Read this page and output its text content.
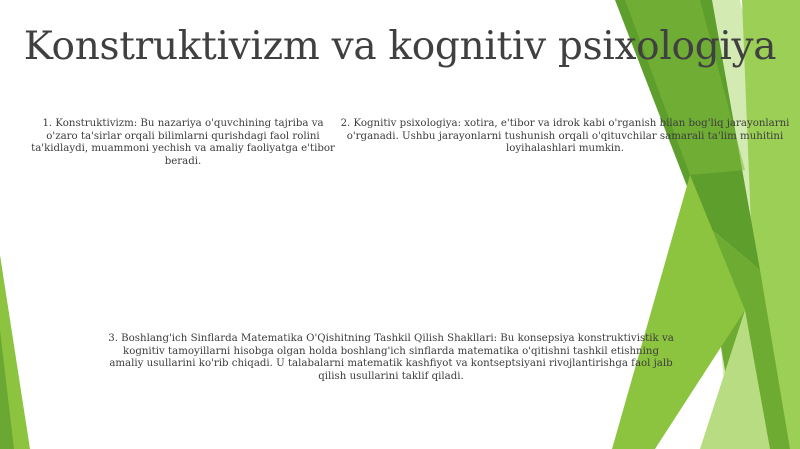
Konstruktivizm va kognitiv psixologiya
1. Konstruktivizm: Bu nazariya o'quvchining tajriba va o'zaro ta'sirlar orqali bilimlarni qurishdagi faol rolini ta'kidlaydi, muammoni yechish va amaliy faoliyatga e'tibor beradi.
2. Kognitiv psixologiya: xotira, e'tibor va idrok kabi o'rganish bilan bog'liq jarayonlarni o'rganadi. Ushbu jarayonlarni tushunish orqali o'qituvchilar samarali ta'lim muhitini loyihalashlari mumkin.
3. Boshlang'ich Sinflarda Matematika O'Qishitning Tashkil Qilish Shakllari: Bu konsepsiya konstruktivistik va kognitiv tamoyillarni hisobga olgan holda boshlang'ich sinflarda matematika o'qitishni tashkil etishning amaliy usullarini ko'rib chiqadi. U talabalarni matematik kashfiyot va kontseptsiyani rivojlantirishga faol jalb qilish usullarini taklif qiladi.
